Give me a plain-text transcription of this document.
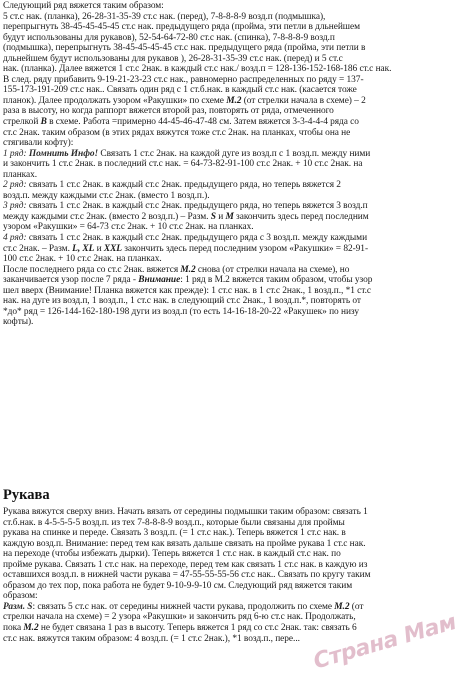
Следующий ряд вяжется таким образом:
5 ст.с нак. (планка), 26-28-31-35-39 ст.с нак. (перед), 7-8-8-8-9 возд.п (подмышка),
перепрыгнуть 38-45-45-45-45 ст.с нак. предыдущего ряда (пройма, эти петли в дльнейшем
будут использованы для рукавов), 52-54-64-72-80 ст.с нак. (спинка), 7-8-8-8-9 возд.п
(подмышка), перепрыгнуть 38-45-45-45-45 ст.с нак. предыдущего ряда (пройма, эти петли в
дльнейшем будут использованы для рукавов ), 26-28-31-35-39 ст.с нак. (перед) и 5 ст.с
нак. (планка). Далее вяжется 1 ст.с 2нак. в каждый ст.с нак./ возд.п = 128-136-152-168-186 ст.с нак.
В след. ряду прибавить 9-19-21-23-23 ст.с нак., равномерно распределенных по ряду = 137-
155-173-191-209 ст.с нак.. Связать один ряд с 1 ст.б.нак. в каждый ст.с нак. (касается тоже
планок). Далее продолжать узором «Ракушки» по схеме M.2 (от стрелки начала в схеме) – 2
раза в высоту, но когда раппорт вяжется второй раз, повторять от ряда, отмеченного
стрелкой B в схеме. Работа =примерно 44-45-46-47-48 см. Затем вяжется 3-3-4-4-4 ряда со
ст.с 2нак. таким образом (в этих рядах вяжутся тоже ст.с 2нак. на планках, чтобы она не
стягивали кофту):

1 ряд: Помнить Инфо! Связать 1 ст.с 2нак. на каждой дуге из возд.п с 1 возд.п. между ними
и закончить 1 ст.с 2нак. в последний ст.с нак. = 64-73-82-91-100 ст.с 2нак. + 10 ст.с 2нак. на
планках.

2 ряд: связать 1 ст.с 2нак. в каждый ст.с 2нак. предыдущего ряда, но теперь вяжется 2
возд.п. между каждыми ст.с 2нак. (вместо 1 возд.п.).

3 ряд: связать 1 ст.с 2нак. в каждый ст.с 2нак. предыдущего ряда, но теперь вяжется 3 возд.п
между каждыми ст.с 2нак. (вместо 2 возд.п.) – Разм. S и M закончить здесь перед последним
узором «Ракушки» = 64-73 ст.с 2нак. + 10 ст.с 2нак. на планках.

4 ряд: связать 1 ст.с 2нак. в каждый ст.с 2нак. предыдущего ряда с 3 возд.п. между каждыми
ст.с 2нак. – Разм. L, XL и XXL закончить здесь перед последним узором «Ракушки» = 82-91-
100 ст.с 2нак. + 10 ст.с 2нак. на планках.

После последнего ряда со ст.с 2нак. вяжется M.2 снова (от стрелки начала на схеме), но
заканчивается узор после 7 ряда - Внимание: 1 ряд в M.2 вяжется таким образом, чтобы узор
шел вверх (Внимание! Планка вяжется как прежде): 1 ст.с нак. в 1 ст.с 2нак., 1 возд.п., *1 ст.с
нак. на дуге из возд.п, 1 возд.п., 1 ст.с нак. в следующий ст.с 2нак., 1 возд.п.*, повторять от
*до* ряд = 126-144-162-180-198 дуги из возд.п (то есть 14-16-18-20-22 «Ракушек» по низу
кофты).

Рукава

Рукава вяжутся сверху вниз. Начать вязать от середины подмышки таким образом: связать 1
ст.б.нак. в 4-5-5-5-5 возд.п. из тех 7-8-8-8-9 возд.п., которые были связаны для проймы
рукава на спинке и переде. Связать 3 возд.п. (= 1 ст.с нак.). Теперь вяжется 1 ст.с нак. в
каждую возд.п. Внимание: перед тем как вязать дальше связать на пройме рукава 1 ст.с нак.
на переходе (чтобы избежать дырки). Теперь вяжется 1 ст.с нак. в каждый ст.с нак. по
пройме рукава. Связать 1 ст.с нак. на переходе, перед тем как связать 1 ст.с нак. в каждую из
оставшихся возд.п. в нижней части рукава = 47-55-55-55-56 ст.с нак.. Связать по кругу таким
образом до тех пор, пока работа не будет 9-10-9-9-10 см. Следующий ряд вяжется таким
образом:

Разм. S: связать 5 ст.с нак. от середины нижней части рукава, продолжить по схеме M.2 (от
стрелки начала на схеме) = 2 узора «Ракушки» и закончить ряд 6-ю ст.с нак. Продолжать,
пока M.2 не будет связана 1 раз в высоту. Теперь вяжется 1 ряд со ст.с 2нак. так: связать 6
ст.с нак. вяжутся таким образом: 4 возд.п. (= 1 ст.с 2нак.), *1 возд.п., пере... Страна Мам
